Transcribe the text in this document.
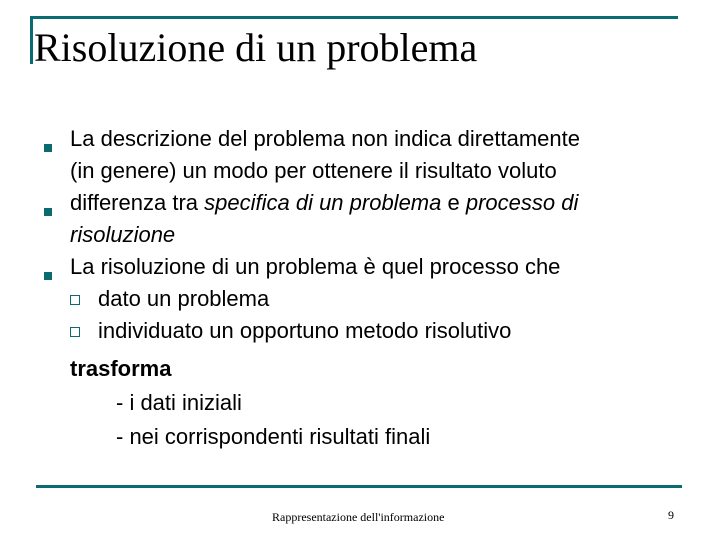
Risoluzione di un problema
La descrizione del problema non indica direttamente
(in genere) un modo per ottenere il risultato voluto
differenza tra specifica di un problema e processo di
risoluzione
La risoluzione di un problema è quel processo che
dato un problema
individuato un opportuno metodo risolutivo
trasforma
- i dati iniziali
- nei corrispondenti risultati finali
Rappresentazione dell'informazione	9
